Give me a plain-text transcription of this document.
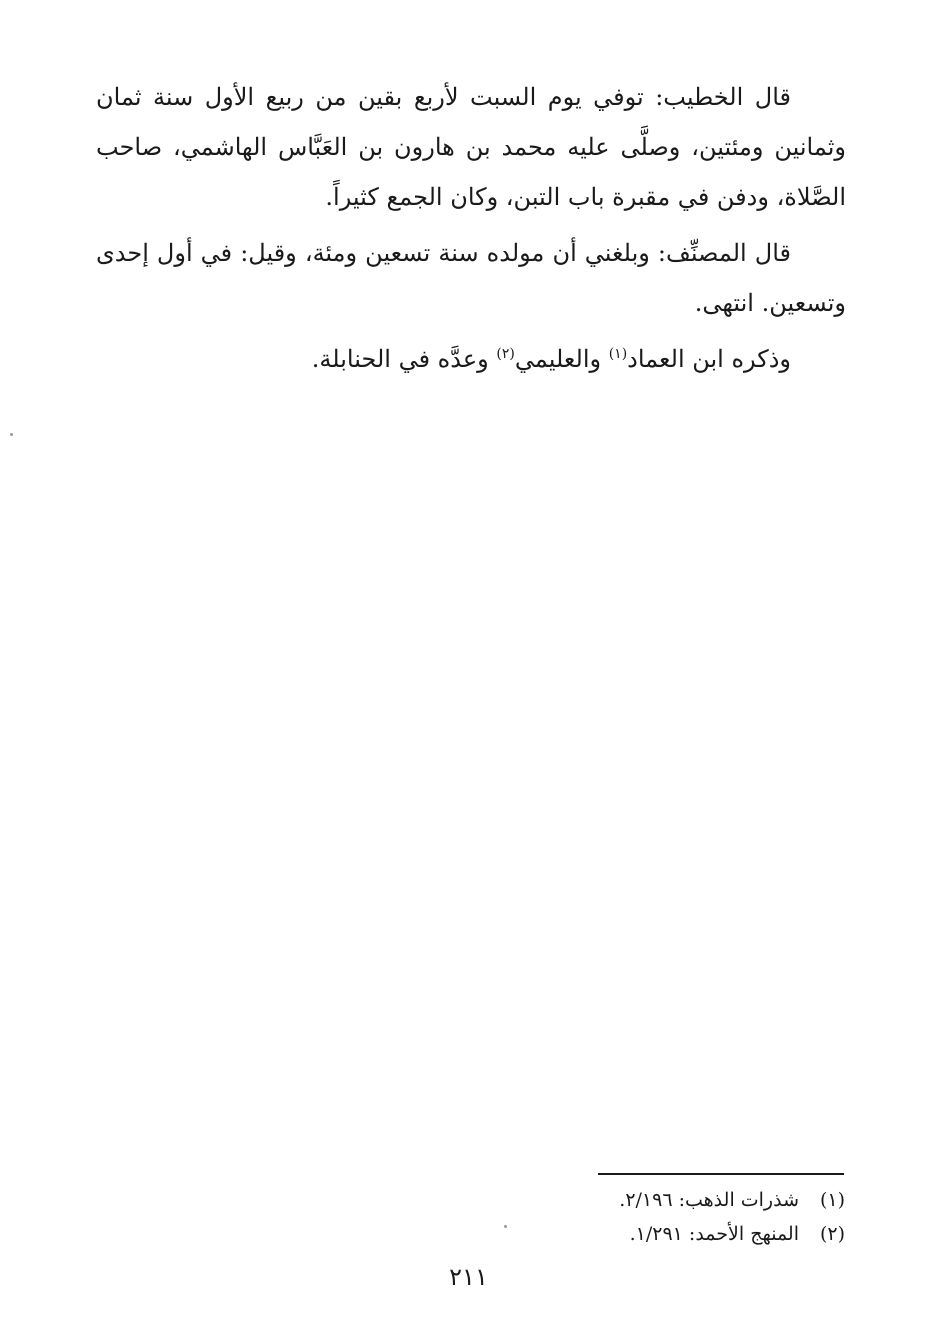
قال الخطيب: توفي يوم السبت لأربع بقين من ربيع الأول سنة ثمان وثمانين ومئتين، وصلَّى عليه محمد بن هارون بن العَبَّاس الهاشمي، صاحب الصَّلاة، ودفن في مقبرة باب التبن، وكان الجمع كثيراً.

قال المصنِّف: وبلغني أن مولده سنة تسعين ومئة، وقيل: في أول إحدى وتسعين. انتهى.

وذكره ابن العماد$^{(١)}$ والعليمي$^{(٢)}$ وعدَّه في الحنابلة.

(١)
شذرات الذهب: ٢/١٩٦.
(٢)
المنهج الأحمد: ١/٢٩١.
٢١١
